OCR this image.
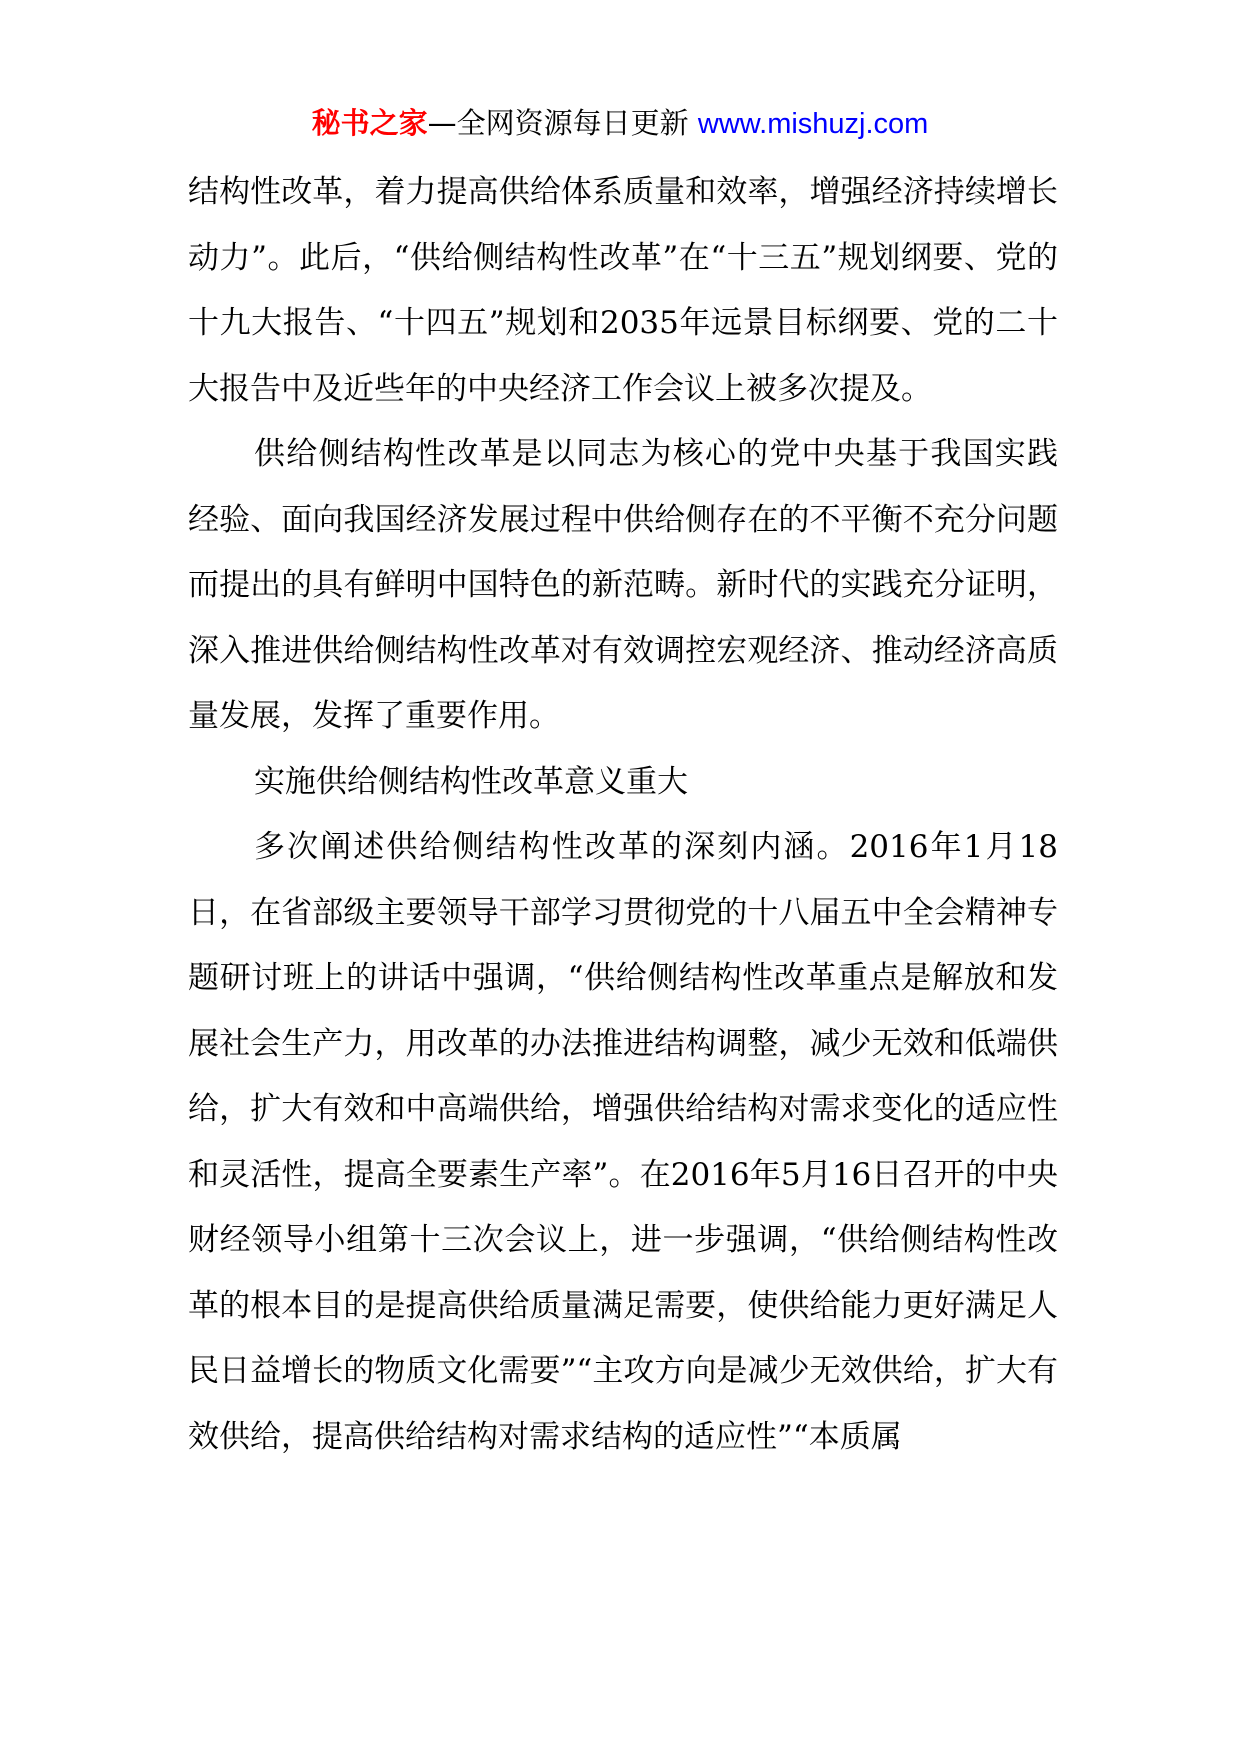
秘书之家—全网资源每日更新 www.mishuzj.com

结构性改革，着力提高供给体系质量和效率，增强经济持续增长动力”。此后，“供给侧结构性改革”在“十三五”规划纲要、党的十九大报告、“十四五”规划和2035年远景目标纲要、党的二十大报告中及近些年的中央经济工作会议上被多次提及。

供给侧结构性改革是以同志为核心的党中央基于我国实践经验、面向我国经济发展过程中供给侧存在的不平衡不充分问题而提出的具有鲜明中国特色的新范畴。新时代的实践充分证明，深入推进供给侧结构性改革对有效调控宏观经济、推动经济高质量发展，发挥了重要作用。

实施供给侧结构性改革意义重大

多次阐述供给侧结构性改革的深刻内涵。2016年1月18日，在省部级主要领导干部学习贯彻党的十八届五中全会精神专题研讨班上的讲话中强调，“供给侧结构性改革重点是解放和发展社会生产力，用改革的办法推进结构调整，减少无效和低端供给，扩大有效和中高端供给，增强供给结构对需求变化的适应性和灵活性，提高全要素生产率”。在2016年5月16日召开的中央财经领导小组第十三次会议上，进一步强调，“供给侧结构性改革的根本目的是提高供给质量满足需要，使供给能力更好满足人民日益增长的物质文化需要”“主攻方向是减少无效供给，扩大有效供给，提高供给结构对需求结构的适应性”“本质属
